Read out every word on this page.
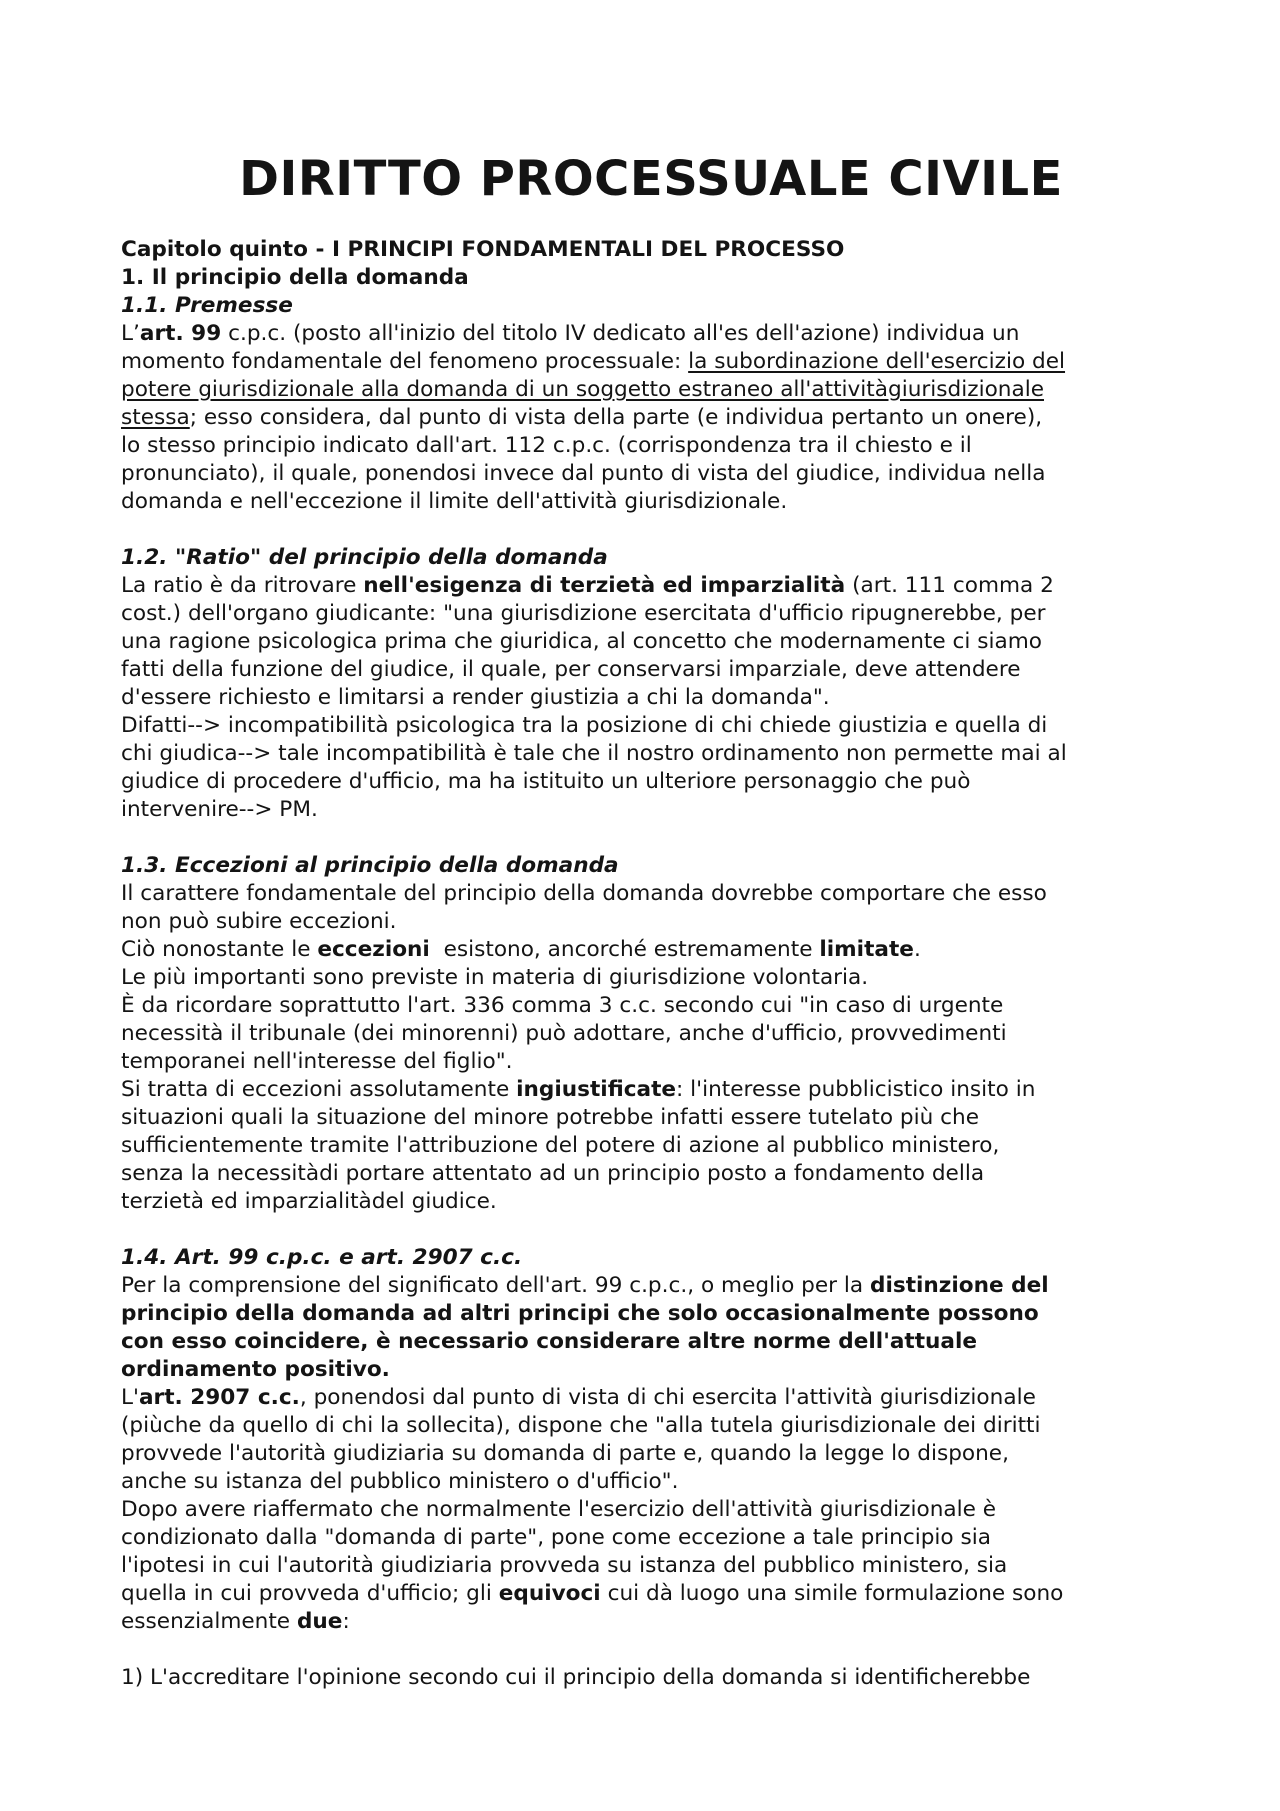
DIRITTO PROCESSUALE CIVILE

Capitolo quinto - I PRINCIPI FONDAMENTALI DEL PROCESSO

1. Il principio della domanda

1.1. Premesse

L’art. 99 c.p.c. (posto all'inizio del titolo IV dedicato all'es dell'azione) individua un

momento fondamentale del fenomeno processuale: la subordinazione dell'esercizio del

potere giurisdizionale alla domanda di un soggetto estraneo all'attivitàgiurisdizionale

stessa; esso considera, dal punto di vista della parte (e individua pertanto un onere),

lo stesso principio indicato dall'art. 112 c.p.c. (corrispondenza tra il chiesto e il

pronunciato), il quale, ponendosi invece dal punto di vista del giudice, individua nella

domanda e nell'eccezione il limite dell'attività giurisdizionale.

1.2. "Ratio" del principio della domanda

La ratio è da ritrovare nell'esigenza di terzietà ed imparzialità (art. 111 comma 2

cost.) dell'organo giudicante: "una giurisdizione esercitata d'ufficio ripugnerebbe, per

una ragione psicologica prima che giuridica, al concetto che modernamente ci siamo

fatti della funzione del giudice, il quale, per conservarsi imparziale, deve attendere

d'essere richiesto e limitarsi a render giustizia a chi la domanda".

Difatti--> incompatibilità psicologica tra la posizione di chi chiede giustizia e quella di

chi giudica--> tale incompatibilità è tale che il nostro ordinamento non permette mai al

giudice di procedere d'ufficio, ma ha istituito un ulteriore personaggio che può

intervenire--> PM.

1.3. Eccezioni al principio della domanda

Il carattere fondamentale del principio della domanda dovrebbe comportare che esso

non può subire eccezioni.

Ciò nonostante le eccezioni  esistono, ancorché estremamente limitate.

Le più importanti sono previste in materia di giurisdizione volontaria.

È da ricordare soprattutto l'art. 336 comma 3 c.c. secondo cui "in caso di urgente

necessità il tribunale (dei minorenni) può adottare, anche d'ufficio, provvedimenti

temporanei nell'interesse del figlio".

Si tratta di eccezioni assolutamente ingiustificate: l'interesse pubblicistico insito in

situazioni quali la situazione del minore potrebbe infatti essere tutelato più che

sufficientemente tramite l'attribuzione del potere di azione al pubblico ministero,

senza la necessitàdi portare attentato ad un principio posto a fondamento della

terzietà ed imparzialitàdel giudice.

1.4. Art. 99 c.p.c. e art. 2907 c.c.

Per la comprensione del significato dell'art. 99 c.p.c., o meglio per la distinzione del

principio della domanda ad altri principi che solo occasionalmente possono

con esso coincidere, è necessario considerare altre norme dell'attuale

ordinamento positivo.

L'art. 2907 c.c., ponendosi dal punto di vista di chi esercita l'attività giurisdizionale

(piùche da quello di chi la sollecita), dispone che "alla tutela giurisdizionale dei diritti

provvede l'autorità giudiziaria su domanda di parte e, quando la legge lo dispone,

anche su istanza del pubblico ministero o d'ufficio".

Dopo avere riaffermato che normalmente l'esercizio dell'attività giurisdizionale è

condizionato dalla "domanda di parte", pone come eccezione a tale principio sia

l'ipotesi in cui l'autorità giudiziaria provveda su istanza del pubblico ministero, sia

quella in cui provveda d'ufficio; gli equivoci cui dà luogo una simile formulazione sono

essenzialmente due:

1) L'accreditare l'opinione secondo cui il principio della domanda si identificherebbe
